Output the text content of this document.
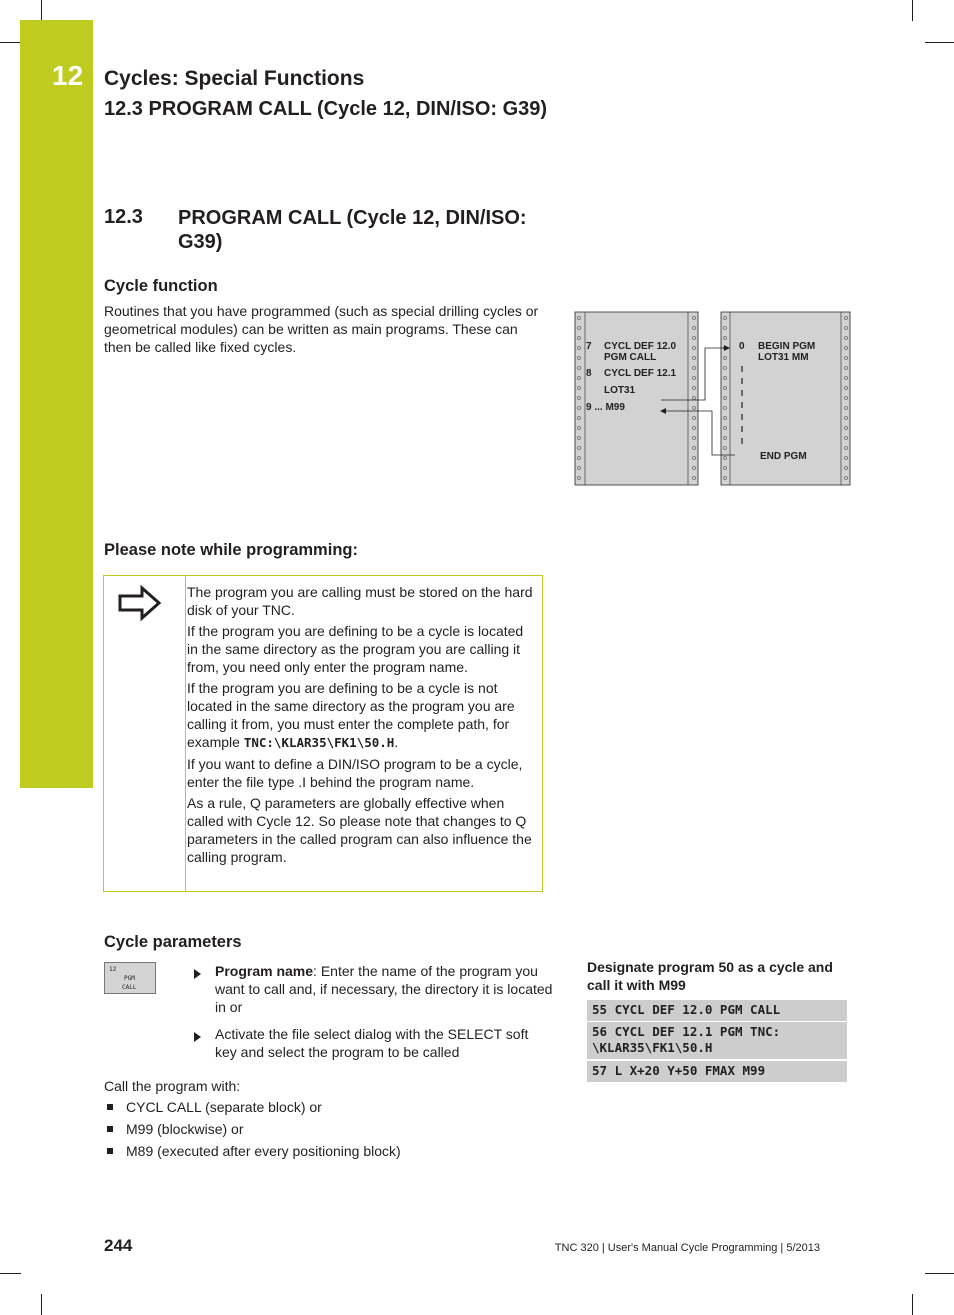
12 Cycles: Special Functions
12.3 PROGRAM CALL (Cycle 12, DIN/ISO: G39)
12.3 PROGRAM CALL (Cycle 12, DIN/ISO: G39)
Cycle function
Routines that you have programmed (such as special drilling cycles or geometrical modules) can be written as main programs. These can then be called like fixed cycles.	7 CYCL DEF 12.0
PGM CALL
8 CYCL DEF 12.1
LOT31
9 ... M99
0 BEGIN PGM
LOT31 MM
END PGM
Please note while programming:

The program you are calling must be stored on the hard disk of your TNC.

If the program you are defining to be a cycle is located in the same directory as the program you are calling it from, you need only enter the program name.

If the program you are defining to be a cycle is not located in the same directory as the program you are calling it from, you must enter the complete path, for example TNC:\KLAR35\FK1\50.H.

If you want to define a DIN/ISO program to be a cycle, enter the file type .I behind the program name.

As a rule, Q parameters are globally effective when called with Cycle 12. So please note that changes to Q parameters in the called program can also influence the calling program.

Cycle parameters
12
PGM
CALL
Program name: Enter the name of the program you want to call and, if necessary, the directory it is located in or
Activate the file select dialog with the SELECT soft key and select the program to be called
Call the program with:
CYCL CALL (separate block) or
M99 (blockwise) or
M89 (executed after every positioning block)
Designate program 50 as a cycle and call it with M99
55 CYCL DEF 12.0 PGM CALL
56 CYCL DEF 12.1 PGM TNC: \KLAR35\FK1\50.H
57 L X+20 Y+50 FMAX M99
244	TNC 320 | User's Manual Cycle Programming | 5/2013
